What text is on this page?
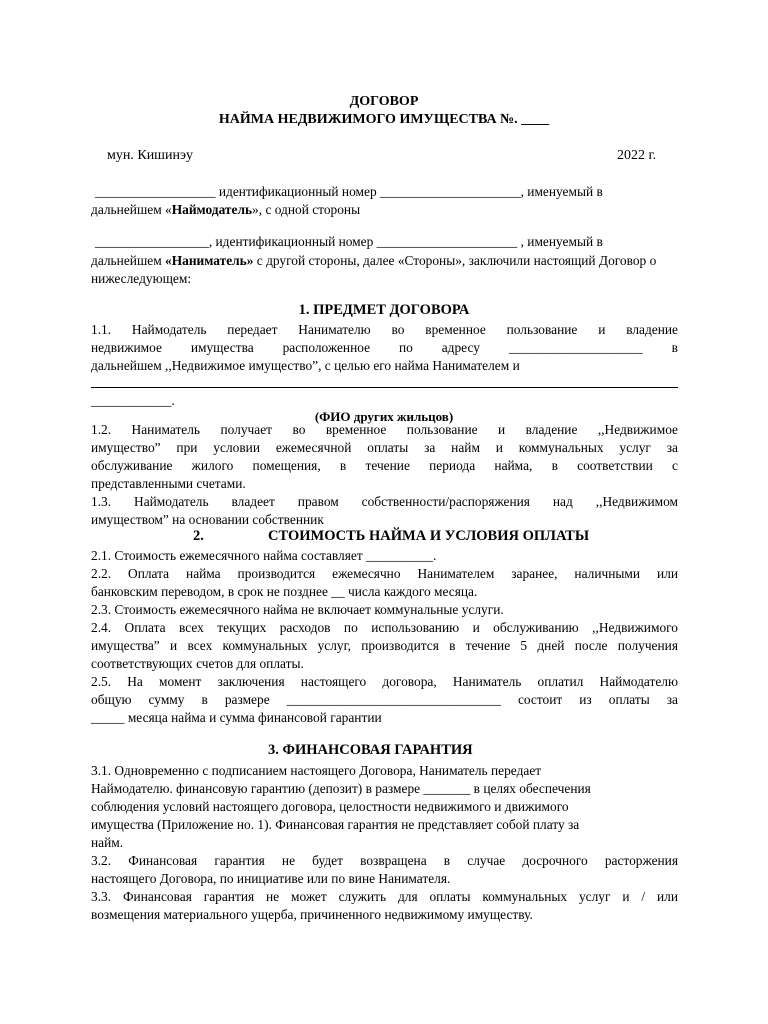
ДОГОВОР
НАЙМА НЕДВИЖИМОГО ИМУЩЕСТВА №. ____
мун. Кишинэу	2022 г.
__________________ идентификационный номер _____________________, именуемый в
дальнейшем «Наймодатель», с одной стороны
_________________, идентификационный номер _____________________ , именуемый в
дальнейшем «Наниматель» с другой стороны, далее «Стороны», заключили настоящий Договор о
нижеследующем:
1. ПРЕДМЕТ ДОГОВОРА
1.1. Наймодатель передает Нанимателю во временное пользование и владение
недвижимое имущества расположенное по адресу ____________________ в
дальнейшем ,,Недвижимое имущество”, с целью его найма Нанимателем и
____________.
(ФИО других жильцов)
1.2. Наниматель получает во временное пользование и владение ,,Недвижимое
имущество” при условии ежемесячной оплаты за найм и коммунальных услуг за
обслуживание жилого помещения, в течение периода найма, в соответствии с
представленными счетами.
1.3. Наймодатель владеет правом собственности/распоряжения над ,,Недвижимом
имуществом” на основании собственник
2.	СТОИМОСТЬ НАЙМА И УСЛОВИЯ ОПЛАТЫ
2.1. Стоимость ежемесячного найма составляет __________.
2.2. Оплата найма производится ежемесячно Нанимателем заранее, наличными или
банковским переводом, в срок не позднее __ числа каждого месяца.
2.3. Стоимость ежемесячного найма не включает коммунальные услуги.
2.4. Оплата всех текущих расходов по использованию и обслуживанию ,,Недвижимого
имущества” и всех коммунальных услуг, производится в течение 5 дней после получения
соответствующих счетов для оплаты.
2.5. На момент заключения настоящего договора, Наниматель оплатил Наймодателю
общую сумму в размере ________________________________ состоит из оплаты за
_____ месяца найма и сумма финансовой гарантии
3. ФИНАНСОВАЯ ГАРАНТИЯ
3.1. Одновременно с подписанием настоящего Договора, Наниматель передает
Наймодателю. финансовую гарантию (депозит) в размере _______ в целях обеспечения
соблюдения условий настоящего договора, целостности недвижимого и движимого
имущества (Приложение но. 1). Финансовая гарантия не представляет собой плату за
найм.
3.2. Финансовая гарантия не будет возвращена в случае досрочного расторжения
настоящего Договора, по инициативе или по вине Нанимателя.
3.3. Финансовая гарантия не может служить для оплаты коммунальных услуг и / или
возмещения материального ущерба, причиненного недвижимому имуществу.
